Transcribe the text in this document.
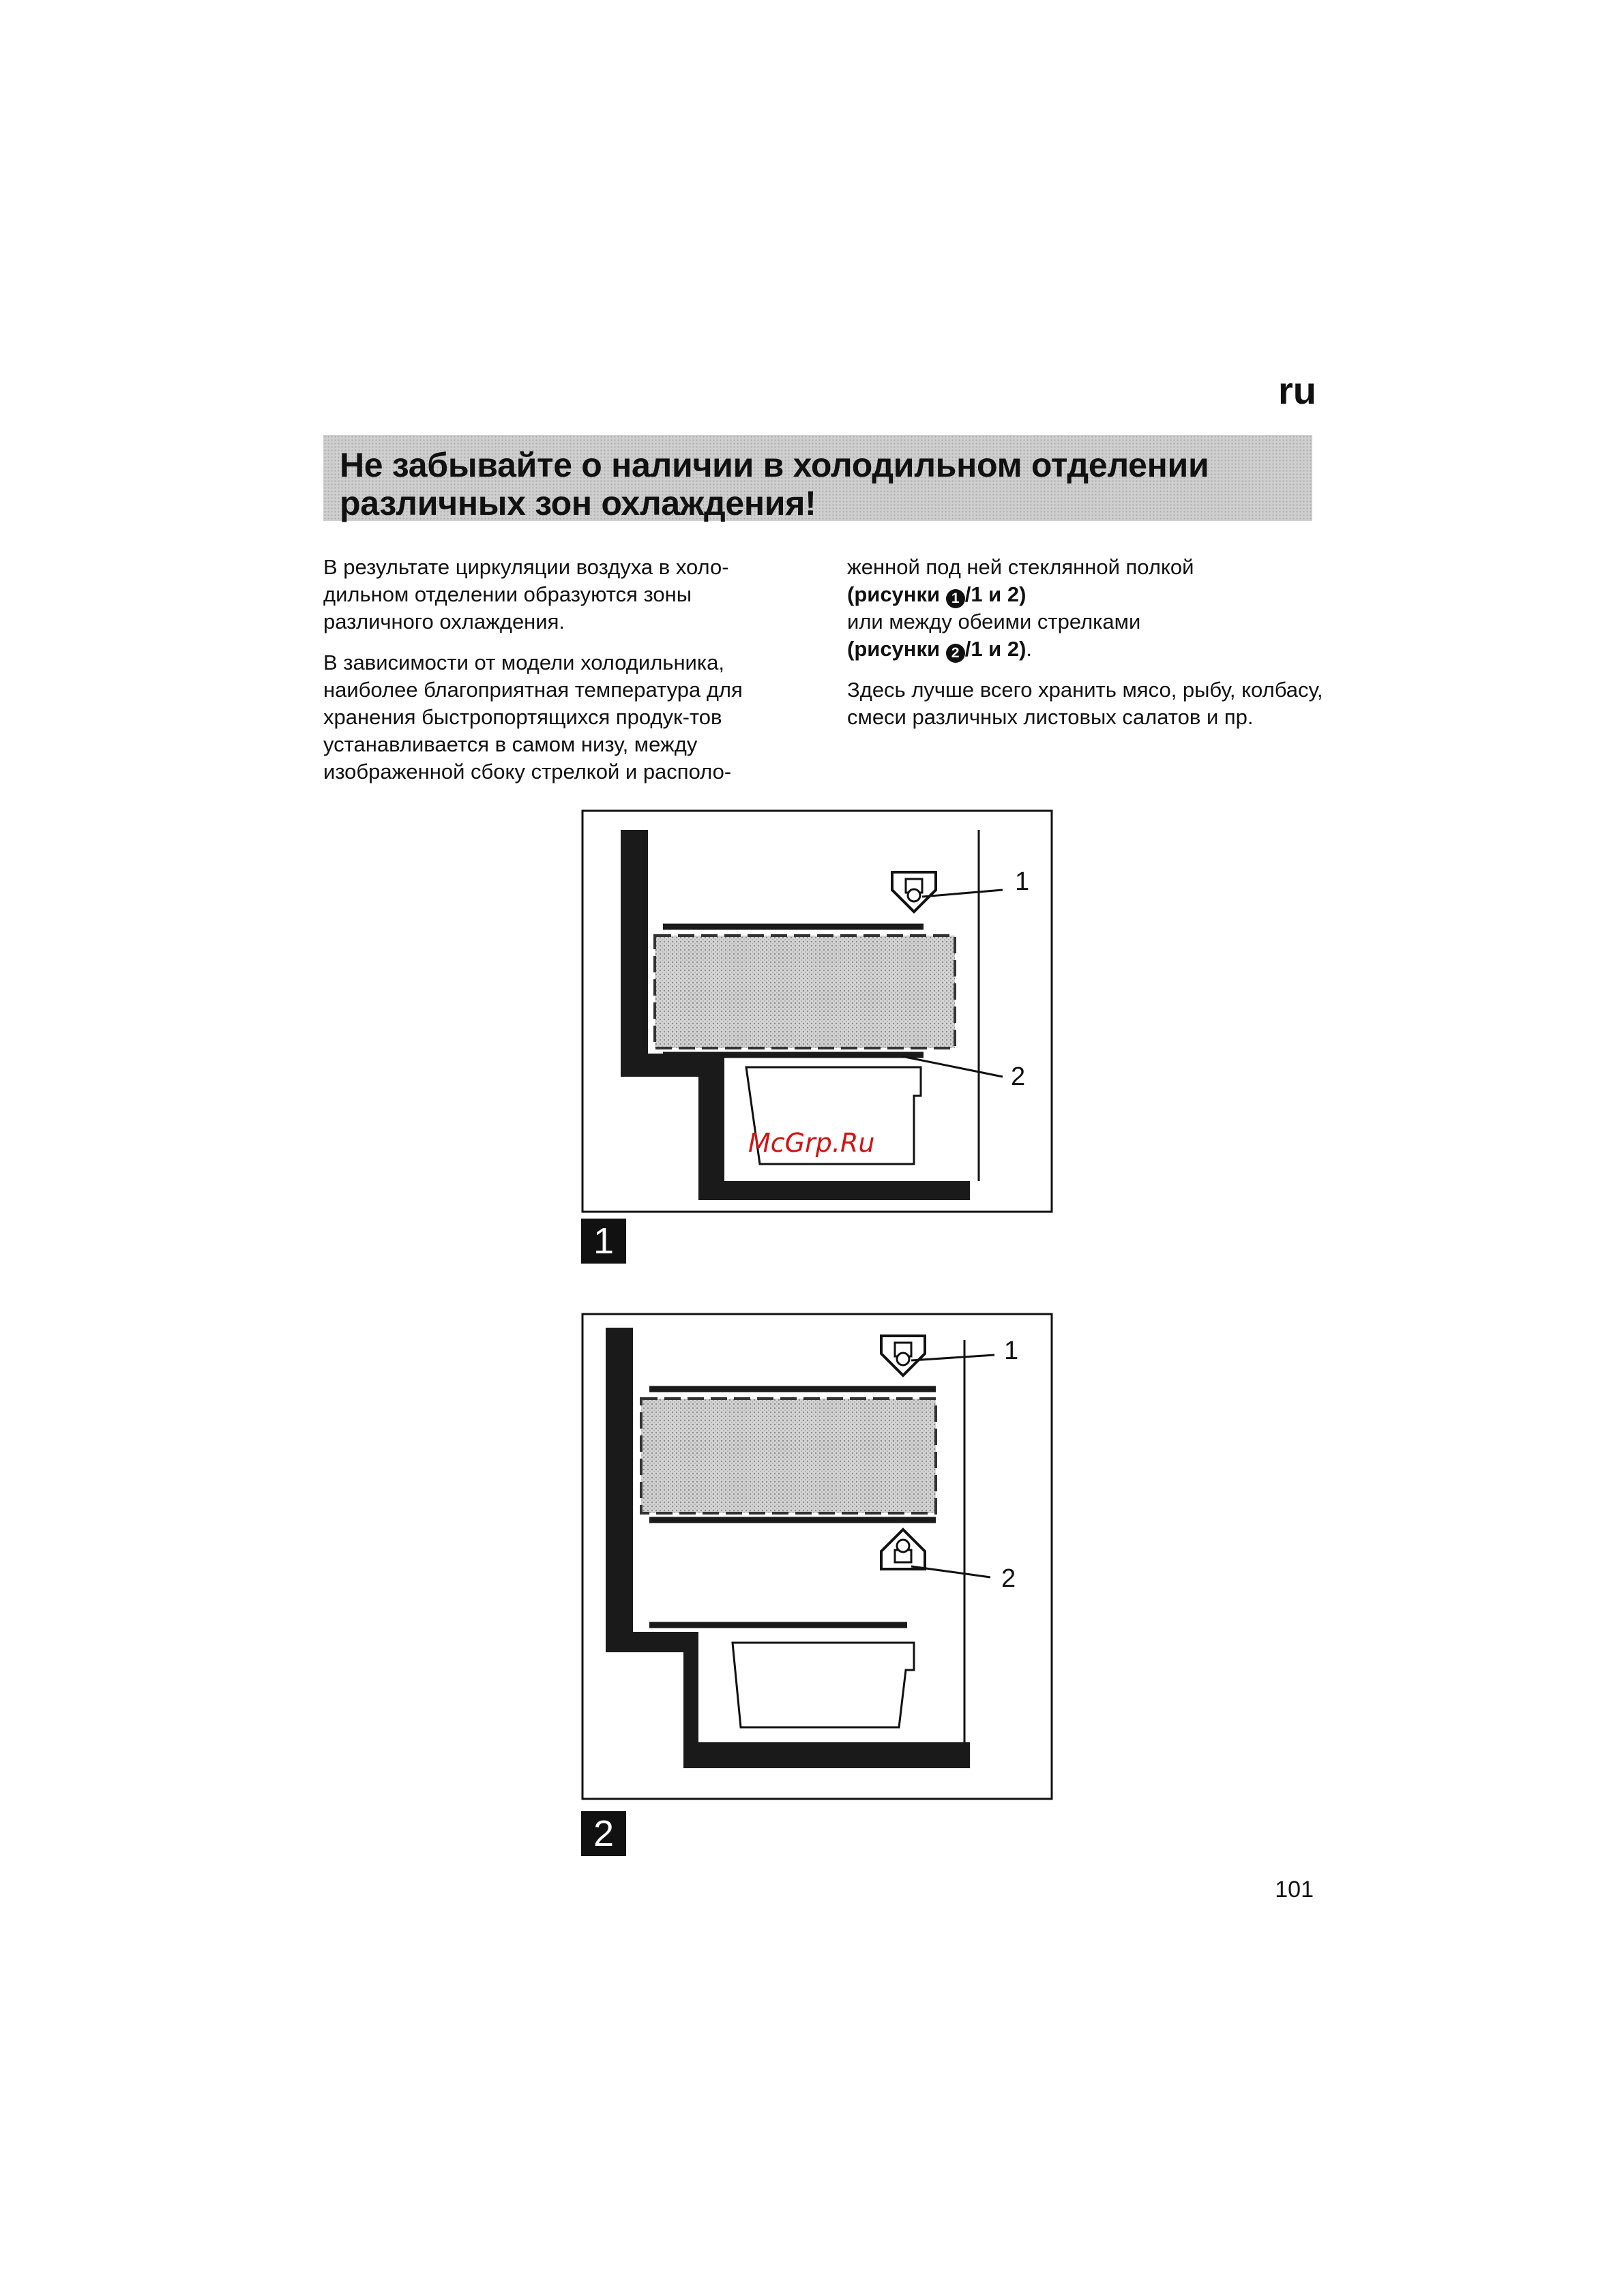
ru
Не забывайте о наличии в холодильном отделении различных зон охлаждения!

В результате циркуляции воздуха в холо-дильном отделении образуются зоны различного охлаждения.

В зависимости от модели холодильника, наиболее благоприятная температура для хранения быстропортящихся продук-тов устанавливается в самом низу, между изображенной сбоку стрелкой и располо-

женной под ней стеклянной полкой
(рисунки 1 /1 и 2)
или между обеими стрелками
(рисунки 2 /1 и 2).

Здесь лучше всего хранить мясо, рыбу, колбасу, смеси различных листовых салатов и пр.

1
2
1
McGrp.Ru
1
2
2
101
